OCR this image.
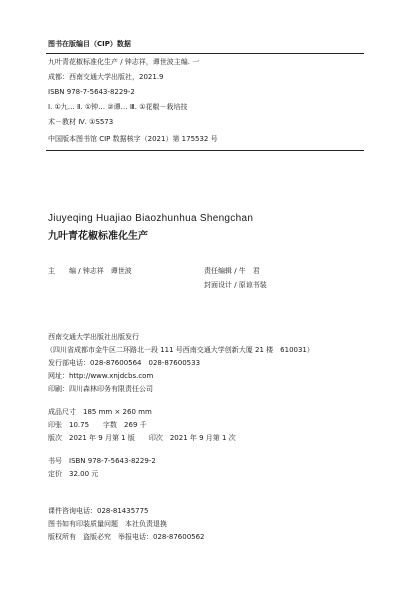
图书在版编目（CIP）数据
九叶青花椒标准化生产 / 钟志祥，谭世波主编. 一
成都：西南交通大学出版社，2021.9
ISBN 978-7-5643-8229-2
Ⅰ. ①九… Ⅱ. ①钟… ②谭… Ⅲ. ①花椒－栽培技
术－教材 Ⅳ. ①S573
中国版本图书馆 CIP 数据核字（2021）第 175532 号
Jiuyeqing Huajiao Biaozhunhua Shengchan
九叶青花椒标准化生产
主　　编 / 钟志祥　谭世波	责任编辑 / 牛　君
封面设计 / 原谅书装
西南交通大学出版社出版发行
（四川省成都市金牛区二环路北一段 111 号西南交通大学创新大厦 21 楼　610031）
发行部电话：028-87600564　028-87600533
网址：http://www.xnjdcbs.com
印刷：四川森林印务有限责任公司
成品尺寸　185 mm × 260 mm
印张　10.75　　字数　269 千
版次　2021 年 9 月第 1 版　　印次　2021 年 9 月第 1 次
书号　ISBN 978-7-5643-8229-2
定价　32.00 元
课件咨询电话：028-81435775
图书如有印装质量问题　本社负责退换
版权所有　盗版必究　举报电话：028-87600562
